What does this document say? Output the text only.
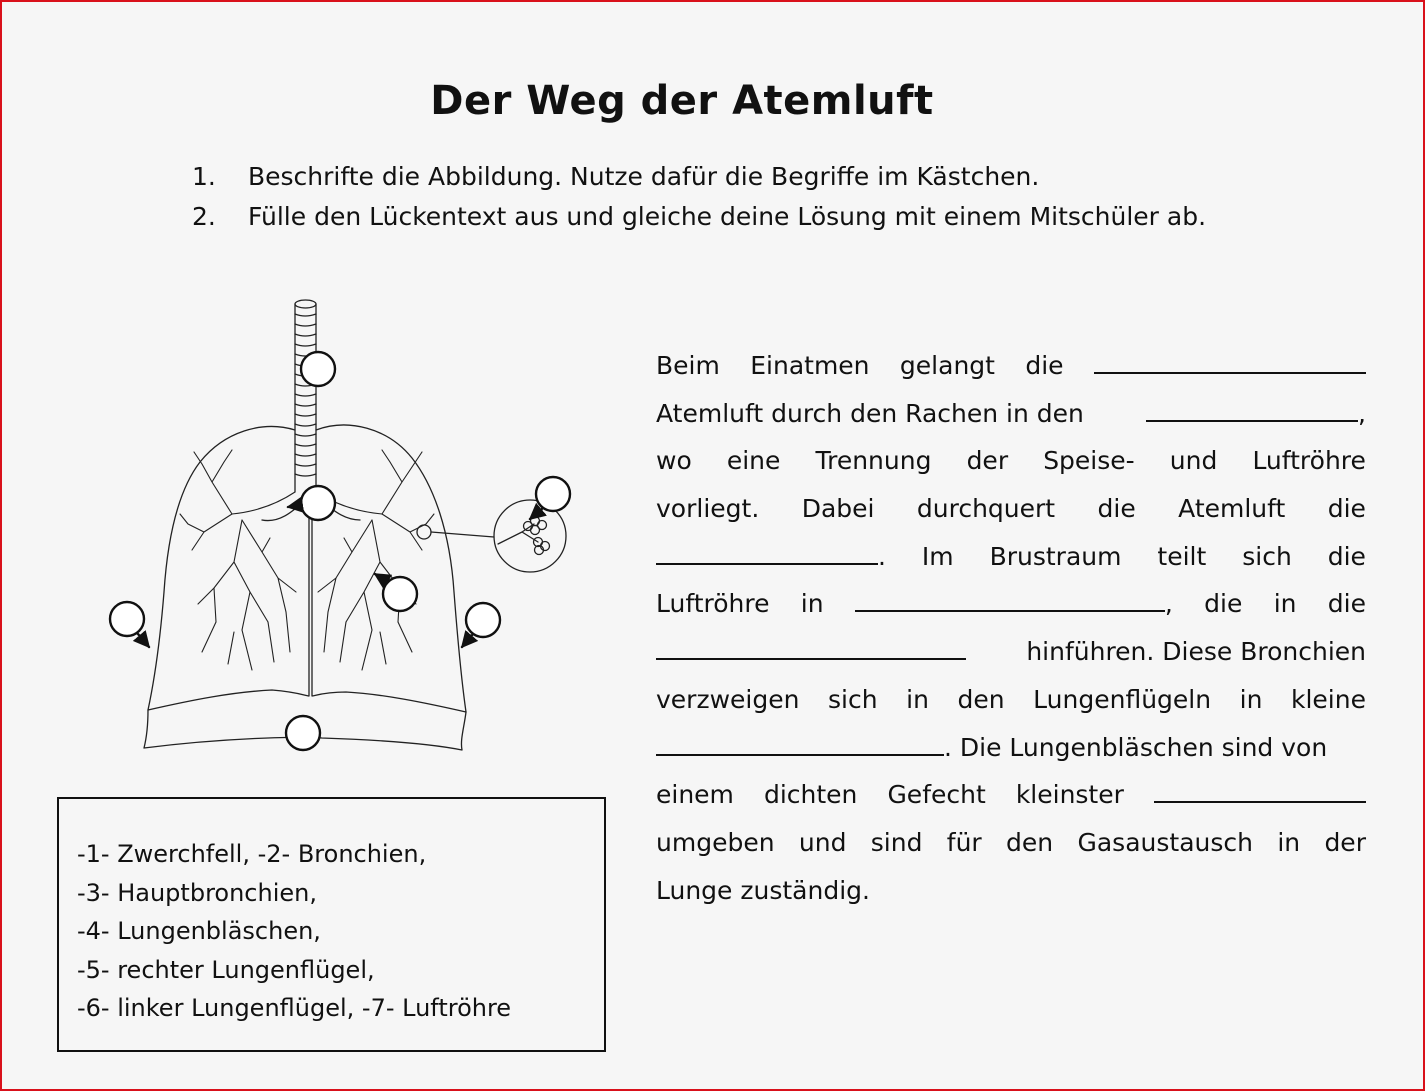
Der Weg der Atemluft
1. Beschrifte die Abbildung. Nutze dafür die Begriffe im Kästchen.
2. Fülle den Lückentext aus und gleiche deine Lösung mit einem Mitschüler ab.
-1- Zwerchfell, -2- Bronchien,
-3- Hauptbronchien,
-4- Lungenbläschen,
-5- rechter Lungenflügel,
-6- linker Lungenflügel, -7- Luftröhre
Beim Einatmen gelangt die
Atemluft durch den Rachen in den	,
wo eine Trennung der Speise- und Luftröhre
vorliegt. Dabei durchquert die Atemluft die
. Im Brustraum teilt sich die
Luftröhre in	, die in die
hinführen. Diese Bronchien
verzweigen sich in den Lungenflügeln in kleine
. Die Lungenbläschen sind von
einem dichten Gefecht kleinster
umgeben und sind für den Gasaustausch in der
Lunge zuständig.
